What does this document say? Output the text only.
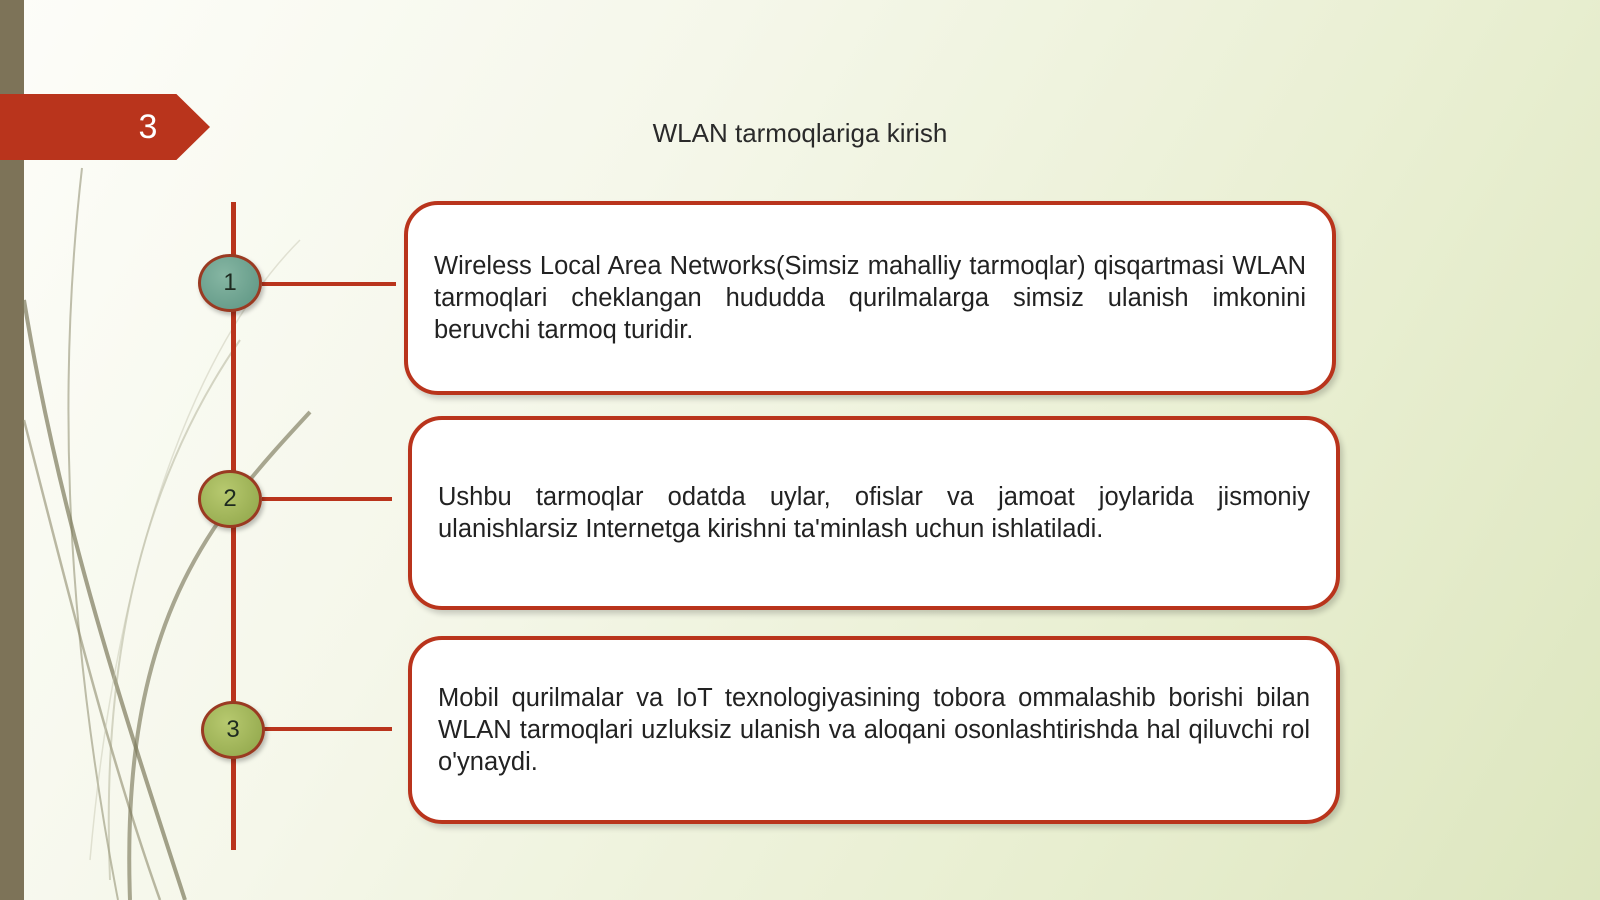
3	WLAN tarmoqlariga kirish
1
2
3
Wireless Local Area Networks(Simsiz mahalliy tarmoqlar) qisqartmasi WLAN tarmoqlari cheklangan hududda qurilmalarga simsiz ulanish imkonini beruvchi tarmoq turidir.
Ushbu tarmoqlar odatda uylar, ofislar va jamoat joylarida jismoniy ulanishlarsiz Internetga kirishni ta'minlash uchun ishlatiladi.
Mobil qurilmalar va IoT texnologiyasining tobora ommalashib borishi bilan WLAN tarmoqlari uzluksiz ulanish va aloqani osonlashtirishda hal qiluvchi rol o'ynaydi.
